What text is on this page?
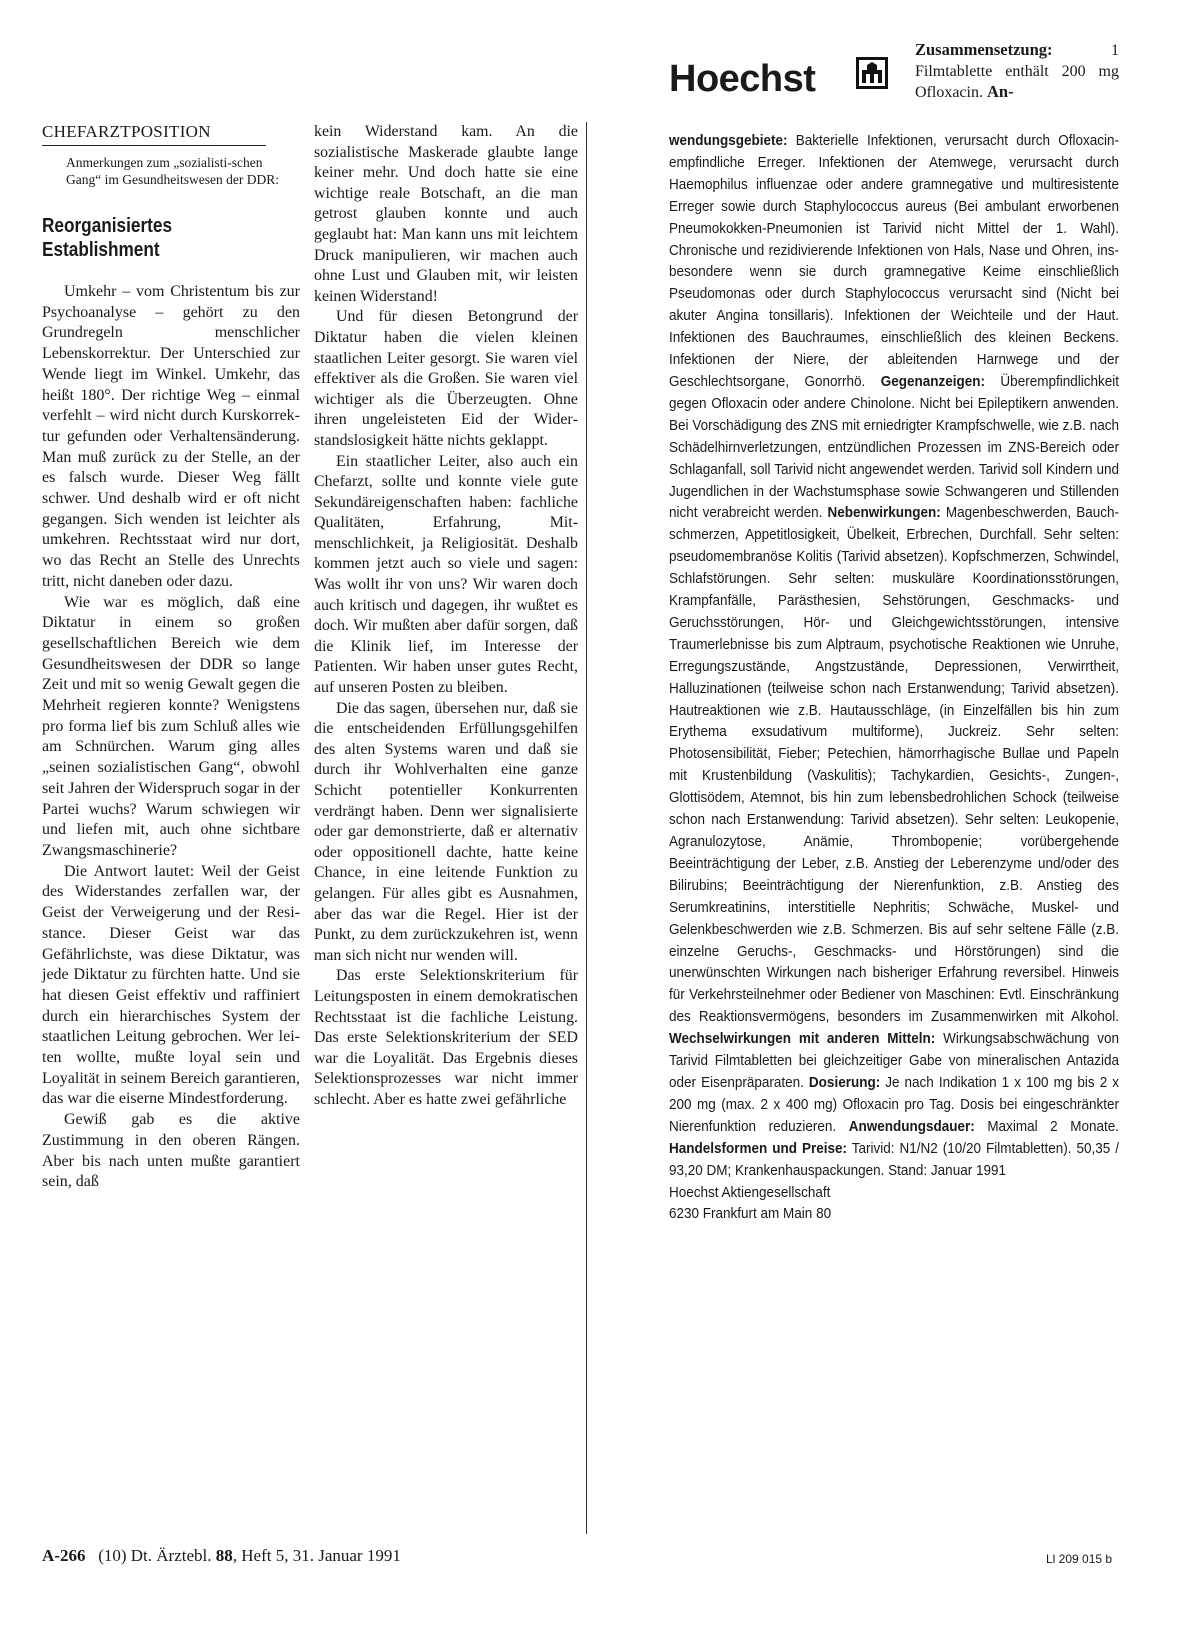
CHEFARZTPOSITION
Anmerkungen zum „sozialisti-schen Gang“ im Gesundheitswesen der DDR:
Reorganisiertes
Establishment

Umkehr – vom Christentum bis zur Psychoanalyse – gehört zu den Grundregeln menschlicher Lebenskorrektur. Der Unterschied zur Wende liegt im Winkel. Umkehr, das heißt 180°. Der richtige Weg – einmal verfehlt – wird nicht durch Kurskorrektur gefunden oder Verhaltensänderung. Man muß zurück zu der Stelle, an der es falsch wurde. Dieser Weg fällt schwer. Und deshalb wird er oft nicht gegangen. Sich wenden ist leichter als umkehren. Rechtsstaat wird nur dort, wo das Recht an Stelle des Unrechts tritt, nicht daneben oder dazu.

Wie war es möglich, daß eine Diktatur in einem so großen gesellschaftlichen Bereich wie dem Gesundheitswesen der DDR so lange Zeit und mit so wenig Gewalt gegen die Mehrheit regieren konnte? Wenigstens pro forma lief bis zum Schluß alles wie am Schnürchen. Warum ging alles „seinen sozialistischen Gang“, obwohl seit Jahren der Widerspruch sogar in der Partei wuchs? Warum schwiegen wir und liefen mit, auch ohne sichtbare Zwangsmaschinerie?

Die Antwort lautet: Weil der Geist des Widerstandes zerfallen war, der Geist der Verweigerung und der Resistance. Dieser Geist war das Gefährlichste, was diese Diktatur, was jede Diktatur zu fürchten hatte. Und sie hat diesen Geist effektiv und raffiniert durch ein hierarchisches System der staatlichen Leitung gebrochen. Wer leiten wollte, mußte loyal sein und Loyalität in seinem Bereich garantieren, das war die eiserne Mindestforderung.

Gewiß gab es die aktive Zustimmung in den oberen Rängen. Aber bis nach unten mußte garantiert sein, daß

kein Widerstand kam. An die sozialistische Maskerade glaubte lange keiner mehr. Und doch hatte sie eine wichtige reale Botschaft, an die man getrost glauben konnte und auch geglaubt hat: Man kann uns mit leichtem Druck manipulieren, wir machen auch ohne Lust und Glauben mit, wir leisten keinen Widerstand!

Und für diesen Betongrund der Diktatur haben die vielen kleinen staatlichen Leiter gesorgt. Sie waren viel effektiver als die Großen. Sie waren viel wichtiger als die Überzeugten. Ohne ihren ungeleisteten Eid der Widerstandslosigkeit hätte nichts geklappt.

Ein staatlicher Leiter, also auch ein Chefarzt, sollte und konnte viele gute Sekundäreigenschaften haben: fachliche Qualitäten, Erfahrung, Mitmenschlichkeit, ja Religiosität. Deshalb kommen jetzt auch so viele und sagen: Was wollt ihr von uns? Wir waren doch auch kritisch und dagegen, ihr wußtet es doch. Wir mußten aber dafür sorgen, daß die Klinik lief, im Interesse der Patienten. Wir haben unser gutes Recht, auf unseren Posten zu bleiben.

Die das sagen, übersehen nur, daß sie die entscheidenden Erfüllungsgehilfen des alten Systems waren und daß sie durch ihr Wohlverhalten eine ganze Schicht potentieller Konkurrenten verdrängt haben. Denn wer signalisierte oder gar demonstrierte, daß er alternativ oder oppositionell dachte, hatte keine Chance, in eine leitende Funktion zu gelangen. Für alles gibt es Ausnahmen, aber das war die Regel. Hier ist der Punkt, zu dem zurückzukehren ist, wenn man sich nicht nur wenden will.

Das erste Selektionskriterium für Leitungsposten in einem demokratischen Rechtsstaat ist die fachliche Leistung. Das erste Selektionskriterium der SED war die Loyalität. Das Ergebnis dieses Selektionsprozesses war nicht immer schlecht. Aber es hatte zwei gefährliche

Hoechst
Zusammensetzung:	1 Filmtablette enthält 200 mg Ofloxacin. An-

wendungsgebiete: Bakterielle Infektionen, verursacht durch Ofloxacin-empfindliche Erreger. Infektionen der Atemwege, verursacht durch Haemophilus influenzae oder andere gramnegative und multiresistente Erreger sowie durch Staphylococcus aureus (Bei ambulant erworbenen Pneumokokken-Pneumonien ist Tarivid nicht Mittel der 1. Wahl). Chronische und rezidivierende Infektionen von Hals, Nase und Ohren, insbesondere wenn sie durch gramnegative Keime einschließlich Pseudomonas oder durch Staphylococcus verursacht sind (Nicht bei akuter Angina tonsillaris). Infektionen der Weichteile und der Haut. Infektionen des Bauchraumes, einschließlich des kleinen Beckens. Infektionen der Niere, der ableitenden Harnwege und der Geschlechtsorgane, Gonorrhö. Gegenanzeigen: Überempfindlichkeit gegen Ofloxacin oder andere Chinolone. Nicht bei Epileptikern anwenden. Bei Vorschädigung des ZNS mit erniedrigter Krampfschwelle, wie z.B. nach Schädelhirnverletzungen, entzündlichen Prozessen im ZNS-Bereich oder Schlaganfall, soll Tarivid nicht angewendet werden. Tarivid soll Kindern und Jugendlichen in der Wachstumsphase sowie Schwangeren und Stillenden nicht verabreicht werden. Nebenwirkungen: Magenbeschwerden, Bauchschmerzen, Appetitlosigkeit, Übelkeit, Erbrechen, Durchfall. Sehr selten: pseudomembranöse Kolitis (Tarivid absetzen). Kopfschmerzen, Schwindel, Schlafstörungen. Sehr selten: muskuläre Koordinationsstörungen, Krampfanfälle, Parästhesien, Sehstörungen, Geschmacks- und Geruchsstörungen, Hör- und Gleichgewichtsstörungen, intensive Traumerlebnisse bis zum Alptraum, psychotische Reaktionen wie Unruhe, Erregungszustände, Angstzustände, Depressionen, Verwirrtheit, Halluzinationen (teilweise schon nach Erstanwendung; Tarivid absetzen). Hautreaktionen wie z.B. Hautausschläge, (in Einzelfällen bis hin zum Erythema exsudativum multiforme), Juckreiz. Sehr selten: Photosensibilität, Fieber; Petechien, hämorrhagische Bullae und Papeln mit Krustenbildung (Vaskulitis); Tachykardien, Gesichts-, Zungen-, Glottisödem, Atemnot, bis hin zum lebensbedrohlichen Schock (teilweise schon nach Erstanwendung: Tarivid absetzen). Sehr selten: Leukopenie, Agranulozytose, Anämie, Thrombopenie; vorübergehende Beeinträchtigung der Leber, z.B. Anstieg der Leberenzyme und/oder des Bilirubins; Beeinträchtigung der Nierenfunktion, z.B. Anstieg des Serumkreatinins, interstitielle Nephritis; Schwäche, Muskel- und Gelenkbeschwerden wie z.B. Schmerzen. Bis auf sehr seltene Fälle (z.B. einzelne Geruchs-, Geschmacks- und Hörstörungen) sind die unerwünschten Wirkungen nach bisheriger Erfahrung reversibel. Hinweis für Verkehrsteilnehmer oder Bediener von Maschinen: Evtl. Einschränkung des Reaktionsvermögens, besonders im Zusammenwirken mit Alkohol. Wechselwirkungen mit anderen Mitteln: Wirkungsabschwächung von Tarivid Filmtabletten bei gleichzeitiger Gabe von mineralischen Antazida oder Eisenpräparaten. Dosierung: Je nach Indikation 1 x 100 mg bis 2 x 200 mg (max. 2 x 400 mg) Ofloxacin pro Tag. Dosis bei eingeschränkter Nierenfunktion reduzieren. Anwendungsdauer: Maximal 2 Monate. Handelsformen und Preise: Tarivid: N1/N2 (10/20 Filmtabletten). 50,35 / 93,20 DM; Krankenhauspackungen. Stand: Januar 1991
Hoechst Aktiengesellschaft
6230 Frankfurt am Main 80

A-266 (10) Dt. Ärztebl. 88, Heft 5, 31. Januar 1991	Ll 209 015 b
